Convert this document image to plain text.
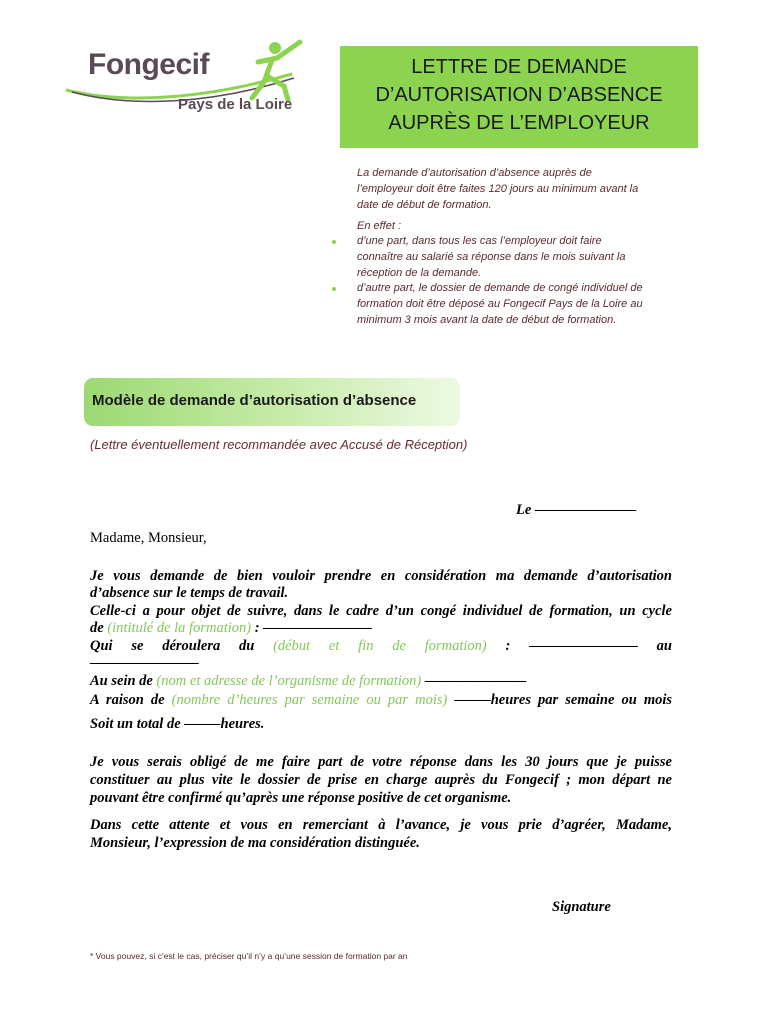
Fongecif
Pays de la Loire
LETTRE DE DEMANDE
D’AUTORISATION D’ABSENCE
AUPRÈS DE L’EMPLOYEUR
La demande d’autorisation d’absence auprès de
l’employeur doit être faites 120 jours au minimum avant la
date de début de formation.
En effet :
d’une part, dans tous les cas l’employeur doit faire
connaître au salarié sa réponse dans le mois suivant la
réception de la demande.
d’autre part, le dossier de demande de congé individuel de
formation doit être déposé au Fongecif Pays de la Loire au
minimum 3 mois avant la date de début de formation.
Modèle de demande d’autorisation d’absence
(Lettre éventuellement recommandée avec Accusé de Réception)
Le ––––––––––––––
Madame, Monsieur,
Je vous demande de bien vouloir prendre en considération ma demande d’autorisation
d’absence sur le temps de travail.
Celle-ci a pour objet de suivre, dans le cadre d’un congé individuel de formation, un cycle
de (intitulé de la formation) : –––––––––––––––
Qui se déroulera du (début et fin de formation) : ––––––––––––––– au
–––––––––––––––
Au sein de (nom et adresse de l’organisme de formation) ––––––––––––––
A raison de (nombre d’heures par semaine ou par mois) –––––heures par semaine ou mois
Soit un total de –––––heures.
Je vous serais obligé de me faire part de votre réponse dans les 30 jours que je puisse
constituer au plus vite le dossier de prise en charge auprès du Fongecif ; mon départ ne
pouvant être confirmé qu’après une réponse positive de cet organisme.
Dans cette attente et vous en remerciant à l’avance, je vous prie d’agréer, Madame,
Monsieur, l’expression de ma considération distinguée.
Signature
* Vous pouvez, si c’est le cas, préciser qu’il n’y a qu’une session de formation par an
